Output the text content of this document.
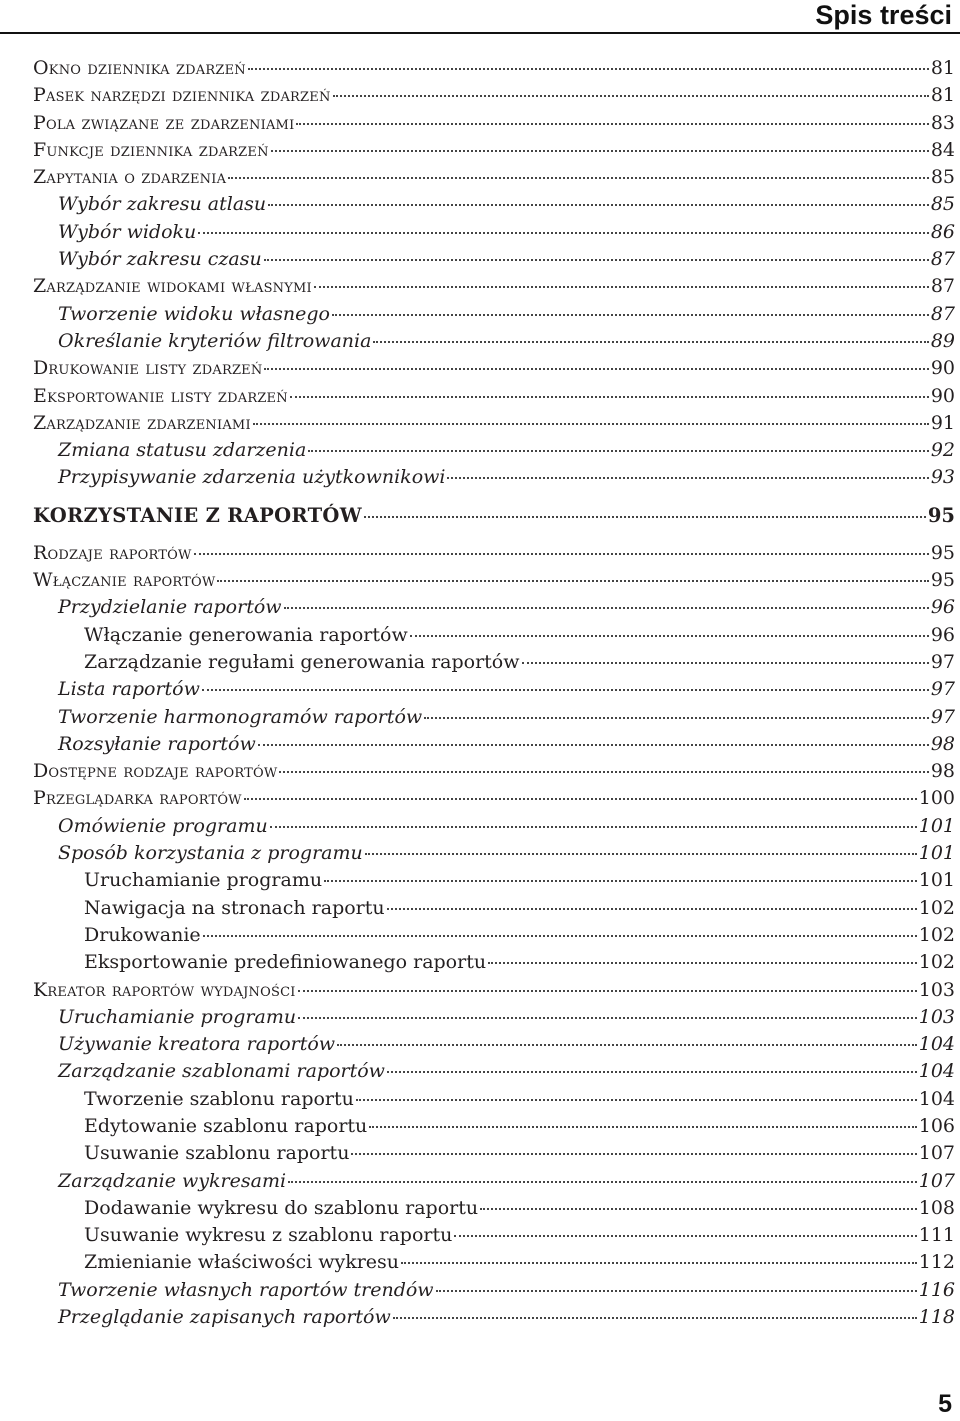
Spis treści
Okno dziennika zdarzeń	81
Pasek narzędzi dziennika zdarzeń	81
Pola związane ze zdarzeniami	83
Funkcje dziennika zdarzeń	84
Zapytania o zdarzenia	85
Wybór zakresu atlasu	85
Wybór widoku	86
Wybór zakresu czasu	87
Zarządzanie widokami własnymi	87
Tworzenie widoku własnego	87
Określanie kryteriów filtrowania	89
Drukowanie listy zdarzeń	90
Eksportowanie listy zdarzeń	90
Zarządzanie zdarzeniami	91
Zmiana statusu zdarzenia	92
Przypisywanie zdarzenia użytkownikowi	93
KORZYSTANIE Z RAPORTÓW	95
Rodzaje raportów	95
Włączanie raportów	95
Przydzielanie raportów	96
Włączanie generowania raportów	96
Zarządzanie regułami generowania raportów	97
Lista raportów	97
Tworzenie harmonogramów raportów	97
Rozsyłanie raportów	98
Dostępne rodzaje raportów	98
Przeglądarka raportów	100
Omówienie programu	101
Sposób korzystania z programu	101
Uruchamianie programu	101
Nawigacja na stronach raportu	102
Drukowanie	102
Eksportowanie predefiniowanego raportu	102
Kreator raportów wydajności	103
Uruchamianie programu	103
Używanie kreatora raportów	104
Zarządzanie szablonami raportów	104
Tworzenie szablonu raportu	104
Edytowanie szablonu raportu	106
Usuwanie szablonu raportu	107
Zarządzanie wykresami	107
Dodawanie wykresu do szablonu raportu	108
Usuwanie wykresu z szablonu raportu	111
Zmienianie właściwości wykresu	112
Tworzenie własnych raportów trendów	116
Przeglądanie zapisanych raportów	118
5
